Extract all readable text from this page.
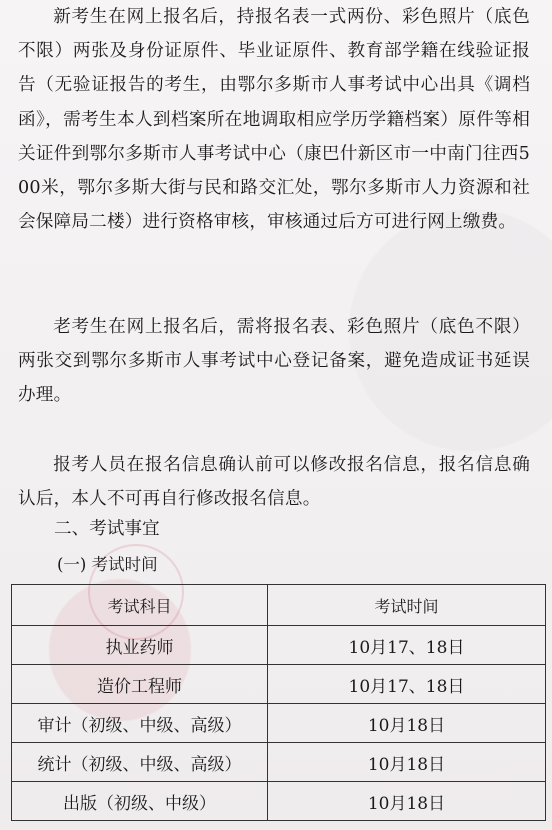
新考生在网上报名后，持报名表一式两份、彩色照片（底色不限）两张及身份证原件、毕业证原件、教育部学籍在线验证报告（无验证报告的考生，由鄂尔多斯市人事考试中心出具《调档函》，需考生本人到档案所在地调取相应学历学籍档案）原件等相关证件到鄂尔多斯市人事考试中心（康巴什新区市一中南门往西500米，鄂尔多斯大街与民和路交汇处，鄂尔多斯市人力资源和社会保障局二楼）进行资格审核，审核通过后方可进行网上缴费。
老考生在网上报名后，需将报名表、彩色照片（底色不限）两张交到鄂尔多斯市人事考试中心登记备案，避免造成证书延误办理。
报考人员在报名信息确认前可以修改报名信息，报名信息确认后，本人不可再自行修改报名信息。
二、考试事宜
(一) 考试时间
考试科目	考试时间
执业药师	10月17、18日
造价工程师	10月17、18日
审计（初级、中级、高级）	10月18日
统计（初级、中级、高级）	10月18日
出版（初级、中级）	10月18日
